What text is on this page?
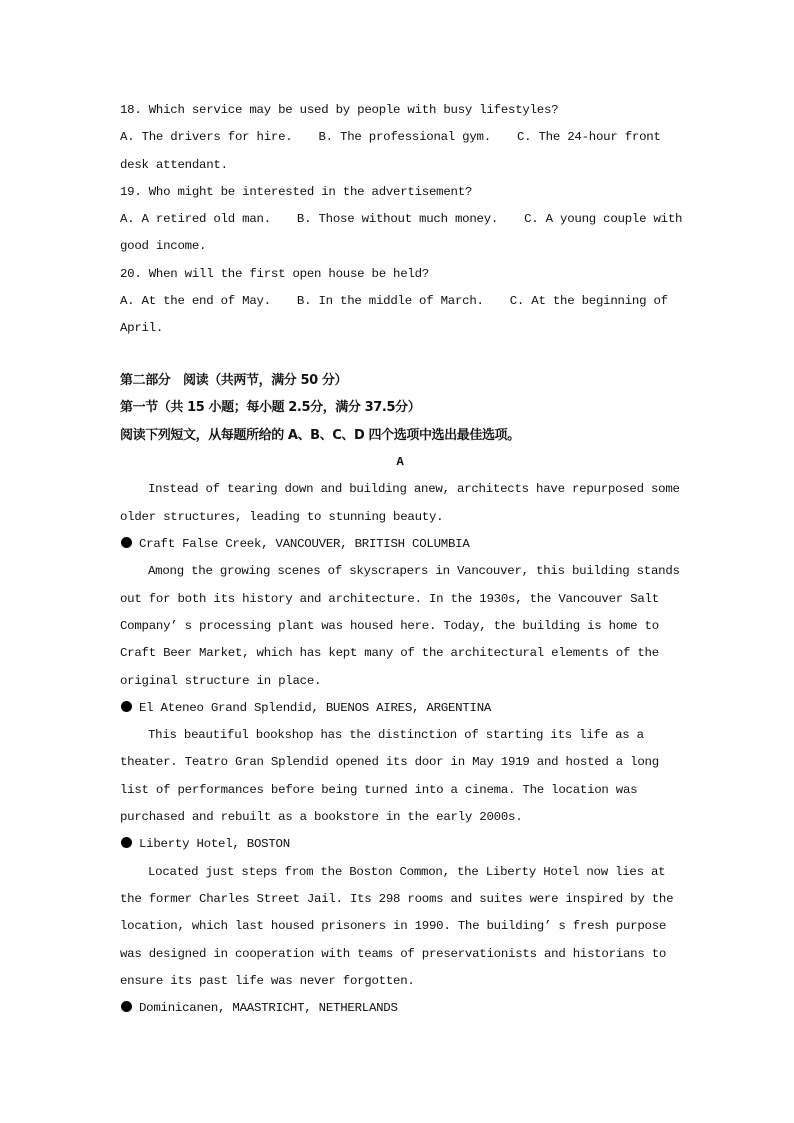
18. Which service may be used by people with busy lifestyles?
A. The drivers for hire. B. The professional gym. C. The 24-hour front
desk attendant.
19. Who might be interested in the advertisement?
A. A retired old man. B. Those without much money. C. A young couple with
good income.
20. When will the first open house be held?
A. At the end of May. B. In the middle of March. C. At the beginning of
April.
第二部分　阅读（共两节，满分 50 分）
第一节（共 15 小题；每小题 2.5分，满分 37.5分）
阅读下列短文，从每题所给的 A、B、C、D 四个选项中选出最佳选项。
A
Instead of tearing down and building anew, architects have repurposed some
older structures, leading to stunning beauty.
Craft False Creek, VANCOUVER, BRITISH COLUMBIA
Among the growing scenes of skyscrapers in Vancouver, this building stands
out for both its history and architecture. In the 1930s, the Vancouver Salt
Company’ s processing plant was housed here. Today, the building is home to
Craft Beer Market, which has kept many of the architectural elements of the
original structure in place.
El Ateneo Grand Splendid, BUENOS AIRES, ARGENTINA
This beautiful bookshop has the distinction of starting its life as a
theater. Teatro Gran Splendid opened its door in May 1919 and hosted a long
list of performances before being turned into a cinema. The location was
purchased and rebuilt as a bookstore in the early 2000s.
Liberty Hotel, BOSTON
Located just steps from the Boston Common, the Liberty Hotel now lies at
the former Charles Street Jail. Its 298 rooms and suites were inspired by the
location, which last housed prisoners in 1990. The building’ s fresh purpose
was designed in cooperation with teams of preservationists and historians to
ensure its past life was never forgotten.
Dominicanen, MAASTRICHT, NETHERLANDS
